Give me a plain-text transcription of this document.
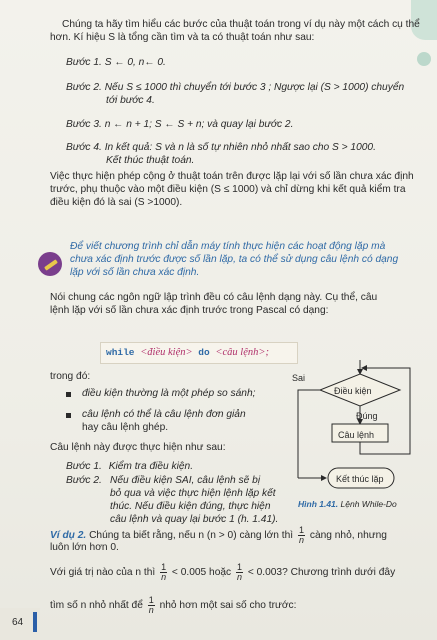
Chúng ta hãy tìm hiểu các bước của thuật toán trong ví dụ này một cách cụ thể
hơn. Kí hiệu S là tổng cần tìm và ta có thuật toán như sau:
Bước 1. S ← 0, n← 0.
Bước 2. Nếu S ≤ 1000 thì chuyển tới bước 3 ; Ngược lại (S > 1000) chuyển
tới bước 4.
Bước 3. n ← n + 1; S ← S + n; và quay lại bước 2.
Bước 4. In kết quả: S và n là số tự nhiên nhỏ nhất sao cho S > 1000.
Kết thúc thuật toán.
Việc thực hiện phép cộng ở thuật toán trên được lặp lại với số lần chưa xác định
trước, phụ thuộc vào một điều kiện (S ≤ 1000) và chỉ dừng khi kết quả kiểm tra
điều kiện đó là sai (S >1000).
Để viết chương trình chỉ dẫn máy tính thực hiện các hoạt động lặp mà
chưa xác định trước được số lần lặp, ta có thể sử dụng câu lệnh có dạng
lặp với số lần chưa xác định.
Nói chung các ngôn ngữ lập trình đều có câu lệnh dạng này. Cụ thể, câu
lệnh lặp với số lần chưa xác định trước trong Pascal có dạng:
while <điều kiện> do <câu lệnh>;
trong đó:
điều kiện thường là một phép so sánh;
câu lệnh có thể là câu lệnh đơn giản
hay câu lệnh ghép.
Câu lệnh này được thực hiện như sau:
Bước 1. Kiểm tra điều kiện.
Bước 2. Nếu điều kiện SAI, câu lệnh sẽ bị
bỏ qua và việc thực hiện lệnh lặp kết
thúc. Nếu điều kiện đúng, thực hiện
câu lệnh và quay lại bước 1 (h. 1.41).
Sai
Điều kiện
Đúng
Câu lệnh
Kết thúc lặp
Hình 1.41. Lệnh While-Do
Ví dụ 2. Chúng ta biết rằng, nếu n (n > 0) càng lớn thì $\frac{1}{n}$ càng nhỏ, nhưng
luôn lớn hơn 0.
Với giá trị nào của n thì $\frac{1}{n} < 0.005$ hoặc $\frac{1}{n} < 0.003$? Chương trình dưới đây
tìm số n nhỏ nhất để $\frac{1}{n}$ nhỏ hơn một sai số cho trước:
64
